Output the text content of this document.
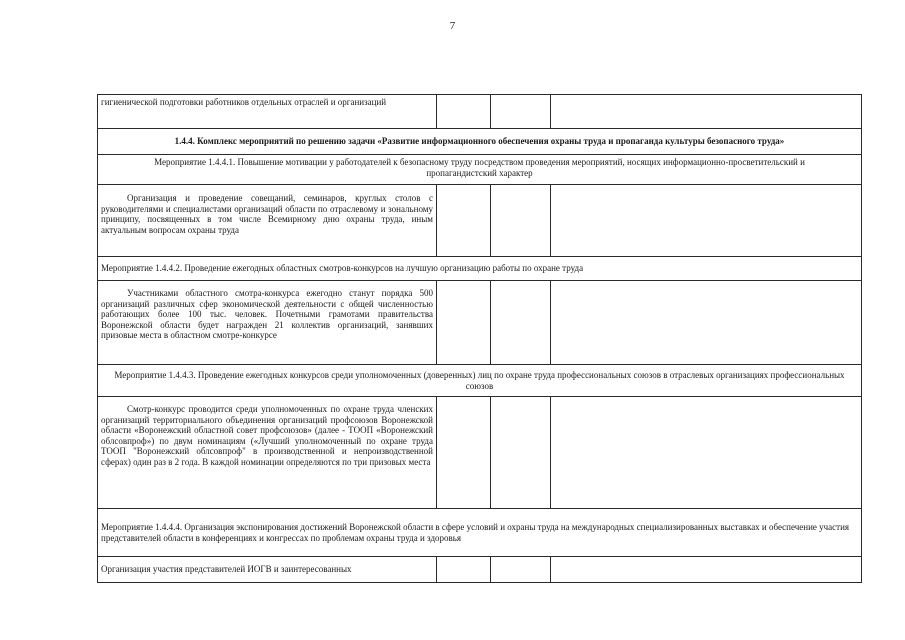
7
гигиенической подготовки работников отдельных отраслей и организаций			
1.4.4. Комплекс мероприятий по решению задачи «Развитие информационного обеспечения охраны труда и пропаганда культуры безопасного труда»			
Мероприятие 1.4.4.1. Повышение мотивации у работодателей к безопасному труду посредством проведения мероприятий, носящих информационно-просветительский и пропагандистский характер			
Организация и проведение совещаний, семинаров, круглых столов с руководителями и специалистами организаций области по отраслевому и зональному принципу, посвященных в том числе Всемирному дню охраны труда, иным актуальным вопросам охраны труда			
Мероприятие 1.4.4.2. Проведение ежегодных областных смотров-конкурсов на лучшую организацию работы по охране труда			
Участниками областного смотра-конкурса ежегодно станут порядка 500 организаций различных сфер экономической деятельности с общей численностью работающих более 100 тыс. человек. Почетными грамотами правительства Воронежской области будет награжден 21 коллектив организаций, занявших призовые места в областном смотре-конкурсе			
Мероприятие 1.4.4.3. Проведение ежегодных конкурсов среди уполномоченных (доверенных) лиц по охране труда профессиональных союзов в отраслевых организациях профессиональных союзов			
Смотр-конкурс проводится среди уполномоченных по охране труда членских организаций территориального объединения организаций профсоюзов Воронежской области «Воронежский областной совет профсоюзов» (далее - ТООП «Воронежский облсовпроф») по двум номинациям («Лучший уполномоченный по охране труда ТООП "Воронежский облсовпроф" в производственной и непроизводственной сферах) один раз в 2 года. В каждой номинации определяются по три призовых места			
Мероприятие 1.4.4.4. Организация экспонирования достижений Воронежской области в сфере условий и охраны труда на международных специализированных выставках и обеспечение участия представителей области в конференциях и конгрессах по проблемам охраны труда и здоровья			
Организация участия представителей ИОГВ и заинтересованных			
